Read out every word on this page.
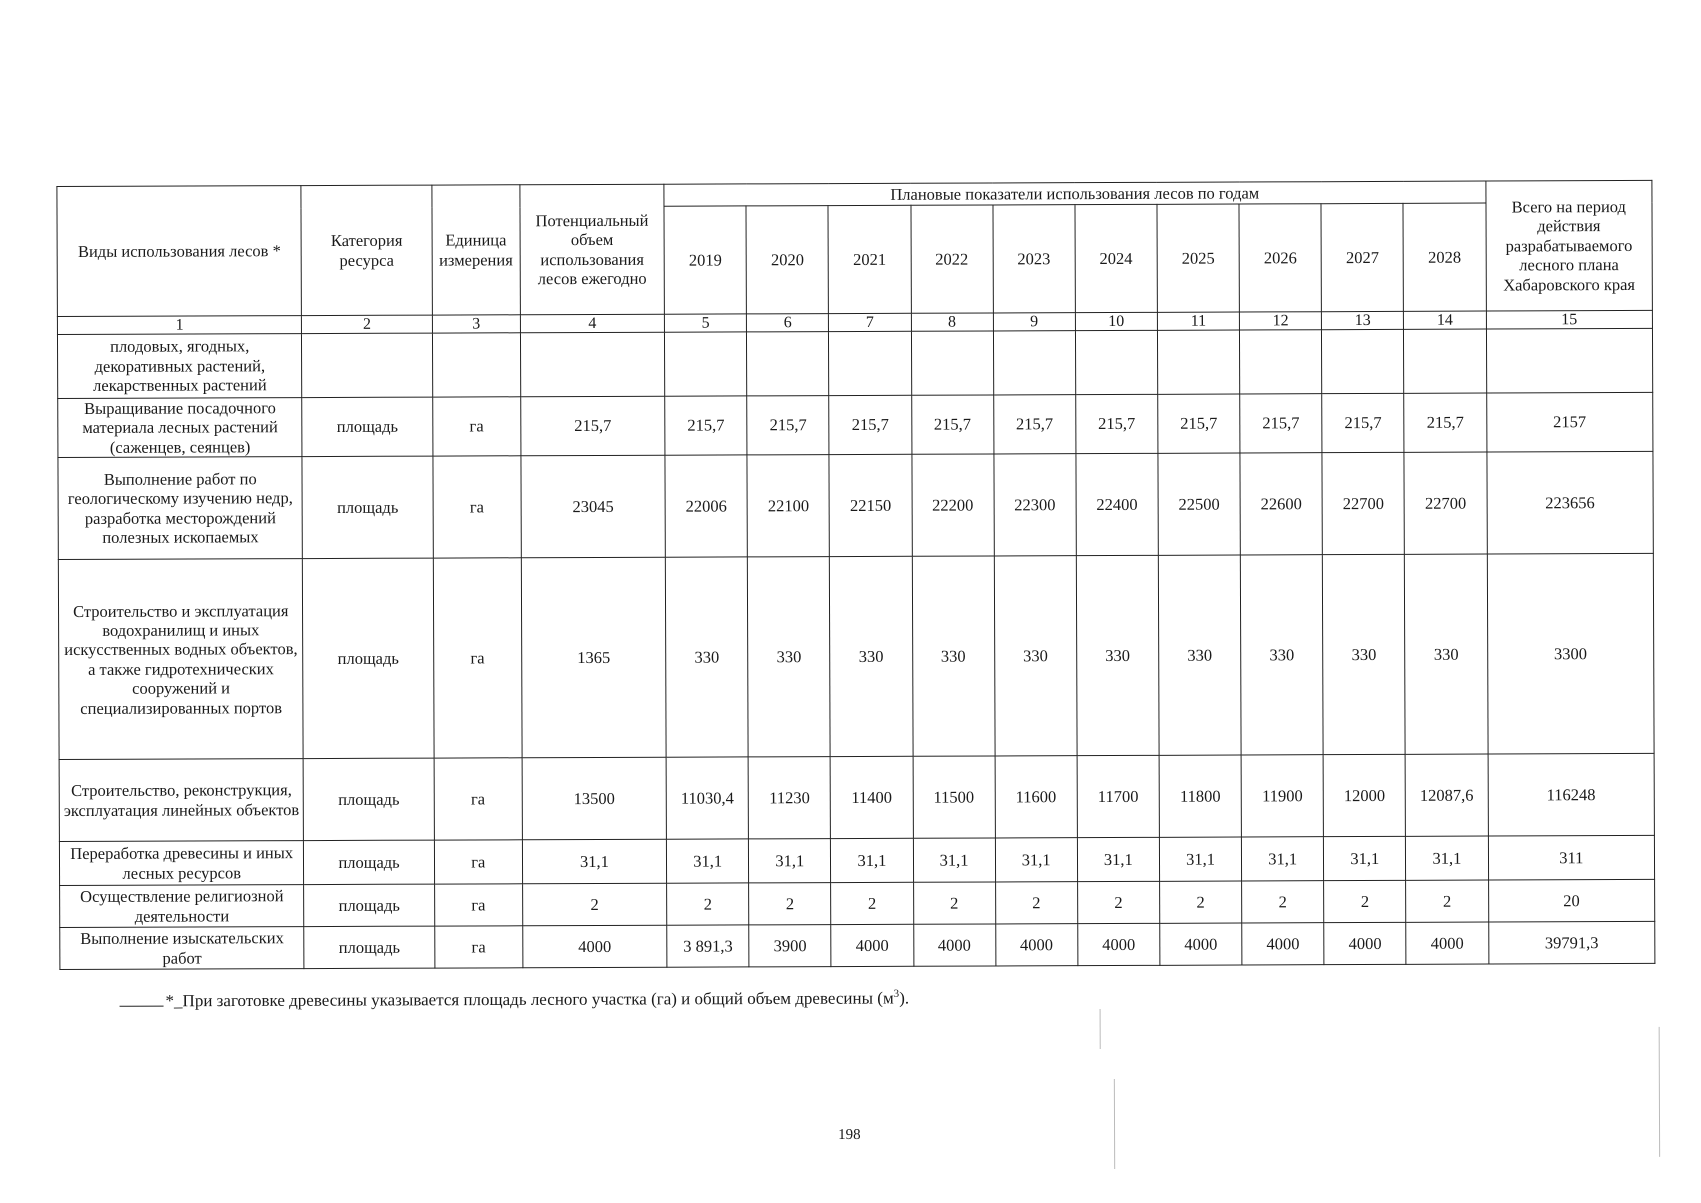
Виды использования лесов *	Категория ресурса	Единица измерения	Потенциальный объем использования лесов ежегодно	Плановые показатели использования лесов по годам										Всего на период действия разрабатываемого лесного плана Хабаровского края
				2019	2020	2021	2022	2023	2024	2025	2026	2027	2028	
1	2	3	4	5	6	7	8	9	10	11	12	13	14	15
плодовых, ягодных, декоративных растений, лекарственных растений														
Выращивание посадочного материала лесных растений (саженцев, сеянцев)	площадь	га	215,7	215,7	215,7	215,7	215,7	215,7	215,7	215,7	215,7	215,7	215,7	2157
Выполнение работ по геологическому изучению недр, разработка месторождений полезных ископаемых	площадь	га	23045	22006	22100	22150	22200	22300	22400	22500	22600	22700	22700	223656
Строительство и эксплуатация водохранилищ и иных искусственных водных объектов, а также гидротехнических сооружений и специализированных портов	площадь	га	1365	330	330	330	330	330	330	330	330	330	330	3300
Строительство, реконструкция, эксплуатация линейных объектов	площадь	га	13500	11030,4	11230	11400	11500	11600	11700	11800	11900	12000	12087,6	116248
Переработка древесины и иных лесных ресурсов	площадь	га	31,1	31,1	31,1	31,1	31,1	31,1	31,1	31,1	31,1	31,1	31,1	311
Осуществление религиозной деятельности	площадь	га	2	2	2	2	2	2	2	2	2	2	2	20
Выполнение изыскательских работ	площадь	га	4000	3 891,3	3900	4000	4000	4000	4000	4000	4000	4000	4000	39791,3
*_При заготовке древесины указывается площадь лесного участка (га) и общий объем древесины $(м^3)$.
198
